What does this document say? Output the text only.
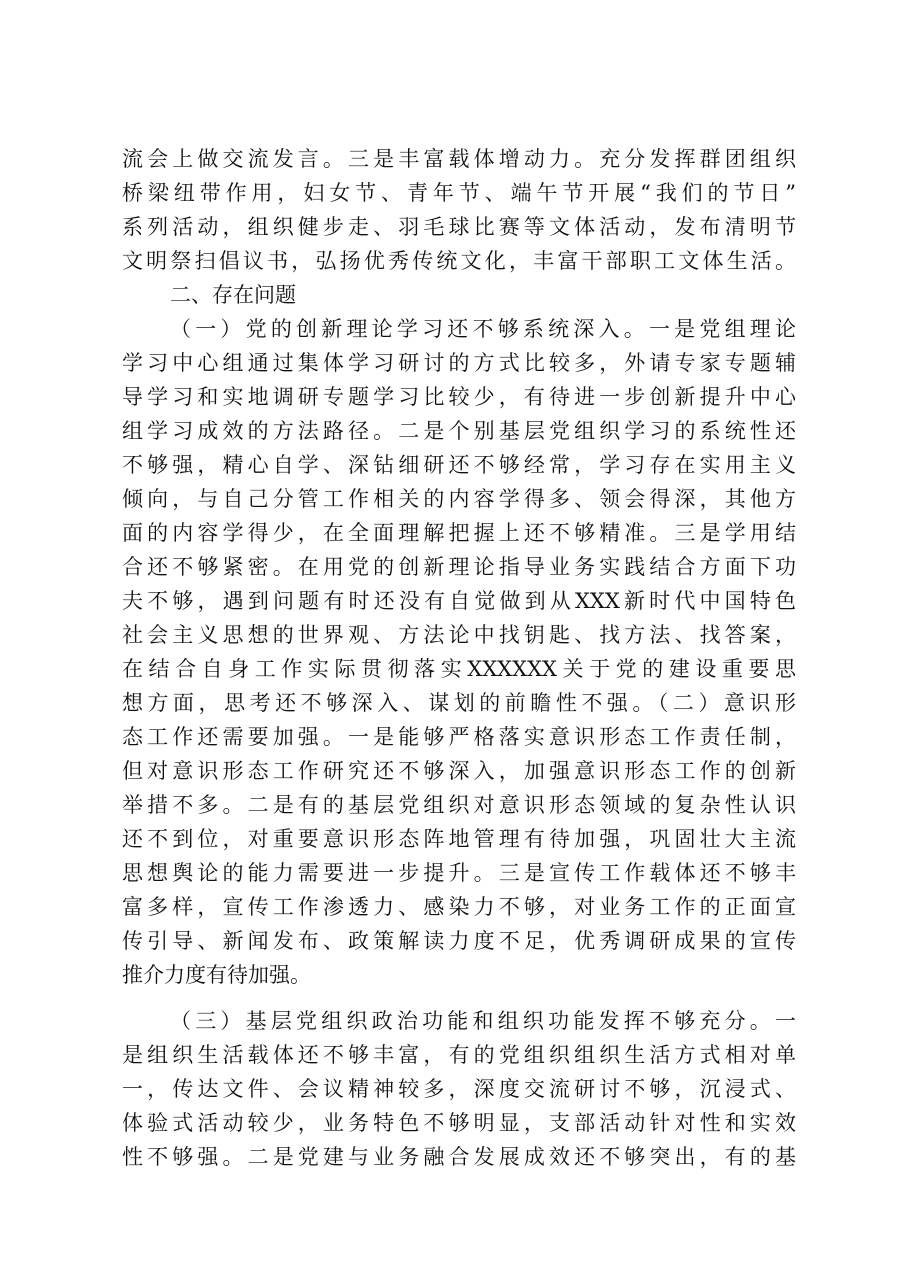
流会上做交流发言。三是丰富载体增动力。充分发挥群团组织
桥梁纽带作用，妇女节、青年节、端午节开展“我们的节日”
系列活动，组织健步走、羽毛球比赛等文体活动，发布清明节
文明祭扫倡议书，弘扬优秀传统文化，丰富干部职工文体生活。
二、存在问题
（一）党的创新理论学习还不够系统深入。一是党组理论
学习中心组通过集体学习研讨的方式比较多，外请专家专题辅
导学习和实地调研专题学习比较少，有待进一步创新提升中心
组学习成效的方法路径。二是个别基层党组织学习的系统性还
不够强，精心自学、深钻细研还不够经常，学习存在实用主义
倾向，与自己分管工作相关的内容学得多、领会得深，其他方
面的内容学得少，在全面理解把握上还不够精准。三是学用结
合还不够紧密。在用党的创新理论指导业务实践结合方面下功
夫不够，遇到问题有时还没有自觉做到从XXX新时代中国特色
社会主义思想的世界观、方法论中找钥匙、找方法、找答案，
在结合自身工作实际贯彻落实XXXXXX关于党的建设重要思
想方面，思考还不够深入、谋划的前瞻性不强。（二）意识形
态工作还需要加强。一是能够严格落实意识形态工作责任制，
但对意识形态工作研究还不够深入，加强意识形态工作的创新
举措不多。二是有的基层党组织对意识形态领域的复杂性认识
还不到位，对重要意识形态阵地管理有待加强，巩固壮大主流
思想舆论的能力需要进一步提升。三是宣传工作载体还不够丰
富多样，宣传工作渗透力、感染力不够，对业务工作的正面宣
传引导、新闻发布、政策解读力度不足，优秀调研成果的宣传
推介力度有待加强。
（三）基层党组织政治功能和组织功能发挥不够充分。一
是组织生活载体还不够丰富，有的党组织组织生活方式相对单
一，传达文件、会议精神较多，深度交流研讨不够，沉浸式、
体验式活动较少，业务特色不够明显，支部活动针对性和实效
性不够强。二是党建与业务融合发展成效还不够突出，有的基
